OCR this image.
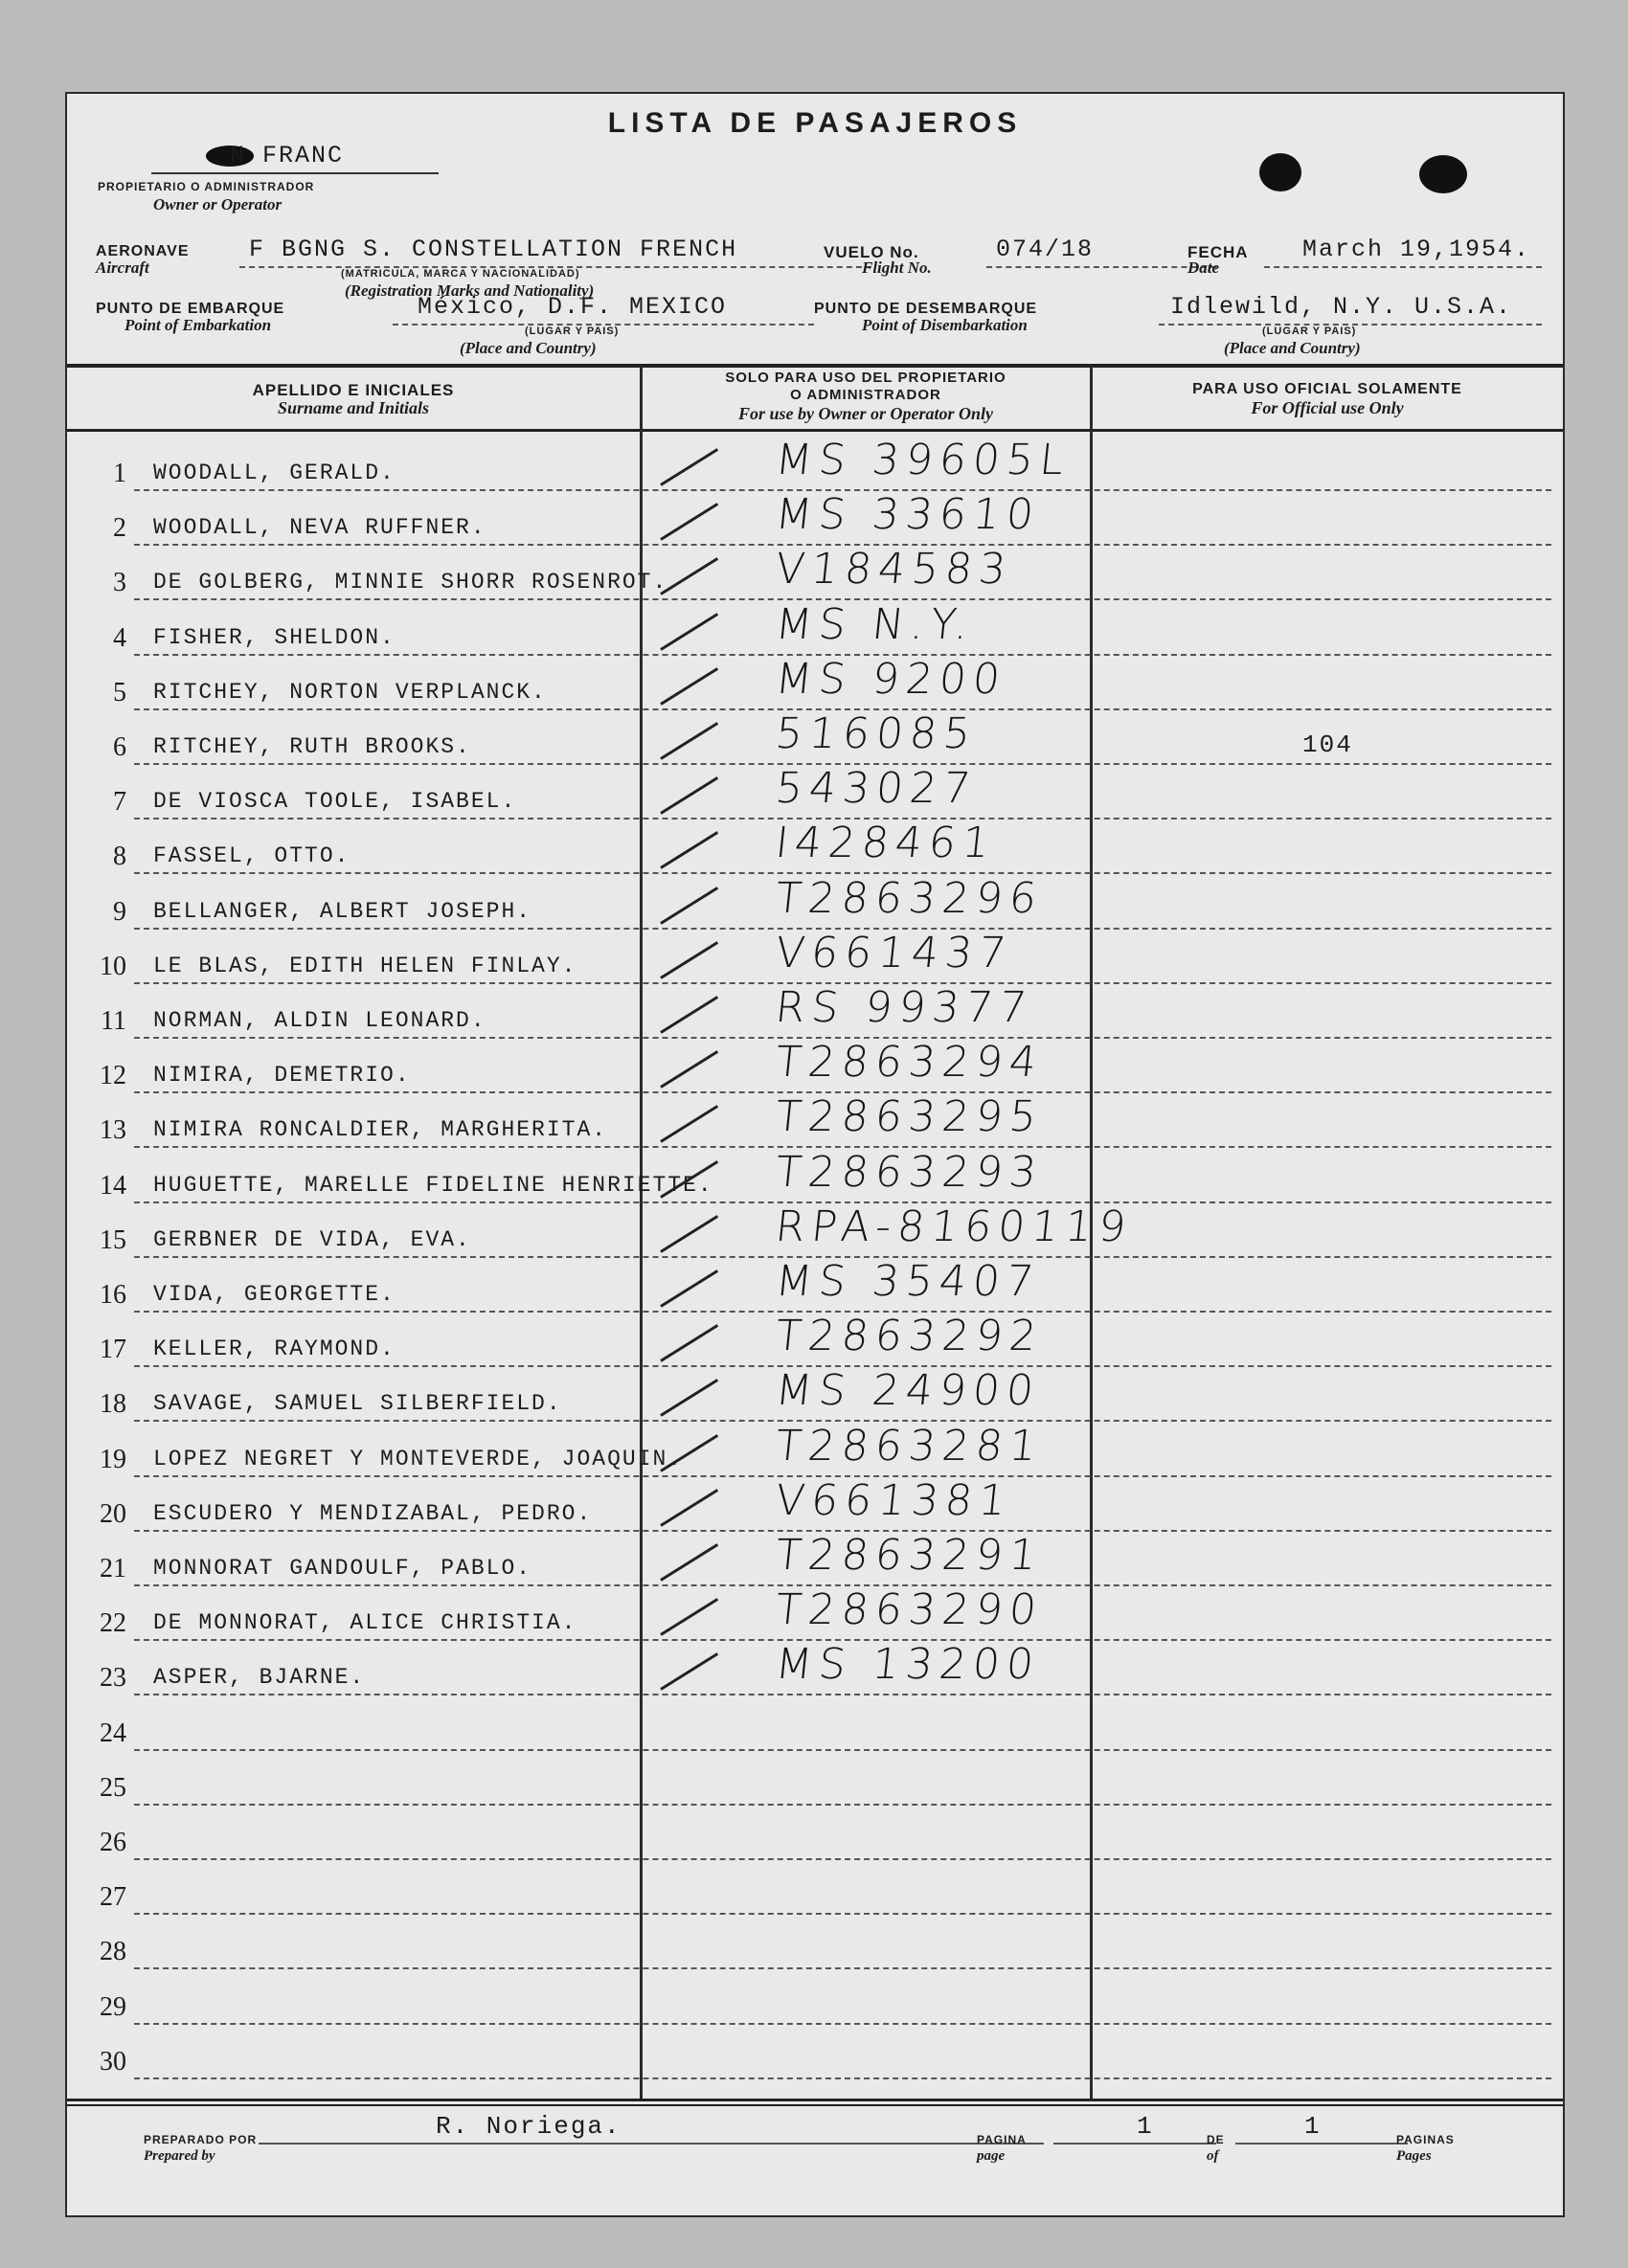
LISTA DE PASAJEROS
N FRANC
PROPIETARIO O ADMINISTRADOR
Owner or Operator
AERONAVE
Aircraft
F BGNG S. CONSTELLATION FRENCH
(MATRICULA, MARCA Y NACIONALIDAD)
(Registration Marks and Nationality)
VUELO No.
Flight No.
074/18	FECHA
Date
March 19,1954.
PUNTO DE EMBARQUE
Point of Embarkation
México, D.F. MEXICO
(LUGAR Y PAIS)
(Place and Country)
PUNTO DE DESEMBARQUE
Point of Disembarkation
Idlewild, N.Y. U.S.A.
(LUGAR Y PAIS)
(Place and Country)
APELLIDO E INICIALES
Surname and Initials
SOLO PARA USO DEL PROPIETARIO
O ADMINISTRADOR
For use by Owner or Operator Only
PARA USO OFICIAL SOLAMENTE
For Official use Only
1 WOODALL, GERALD.	MS 39605L
2 WOODALL, NEVA RUFFNER.	MS 33610
3 DE GOLBERG, MINNIE SHORR ROSENROT.	V184583
4 FISHER, SHELDON.	MS N.Y.
5 RITCHEY, NORTON VERPLANCK.	MS 9200
6 RITCHEY, RUTH BROOKS.	516085	104
7 DE VIOSCA TOOLE, ISABEL.	543027
8 FASSEL, OTTO.	I428461
9 BELLANGER, ALBERT JOSEPH.	T2863296
10 LE BLAS, EDITH HELEN FINLAY.	V661437
11 NORMAN, ALDIN LEONARD.	RS 99377
12 NIMIRA, DEMETRIO.	T2863294
13 NIMIRA RONCALDIER, MARGHERITA.	T2863295
14 HUGUETTE, MARELLE FIDELINE HENRIETTE. T2863293
15 GERBNER DE VIDA, EVA.	RPA-8160119
16 VIDA, GEORGETTE.	MS 35407
17 KELLER, RAYMOND.	T2863292
18 SAVAGE, SAMUEL SILBERFIELD.	MS 24900
19 LOPEZ NEGRET Y MONTEVERDE, JOAQUIN. T2863281
20 ESCUDERO Y MENDIZABAL, PEDRO.	V661381
21 MONNORAT GANDOULF, PABLO.	T2863291
22 DE MONNORAT, ALICE CHRISTIA.	T2863290
23 ASPER, BJARNE.	MS 13200
24
25
26
27
28
29
30
R. Noriega.
PREPARADO POR
Prepared by
PAGINA
page
1	DE
of
1	PAGINAS
Pages
